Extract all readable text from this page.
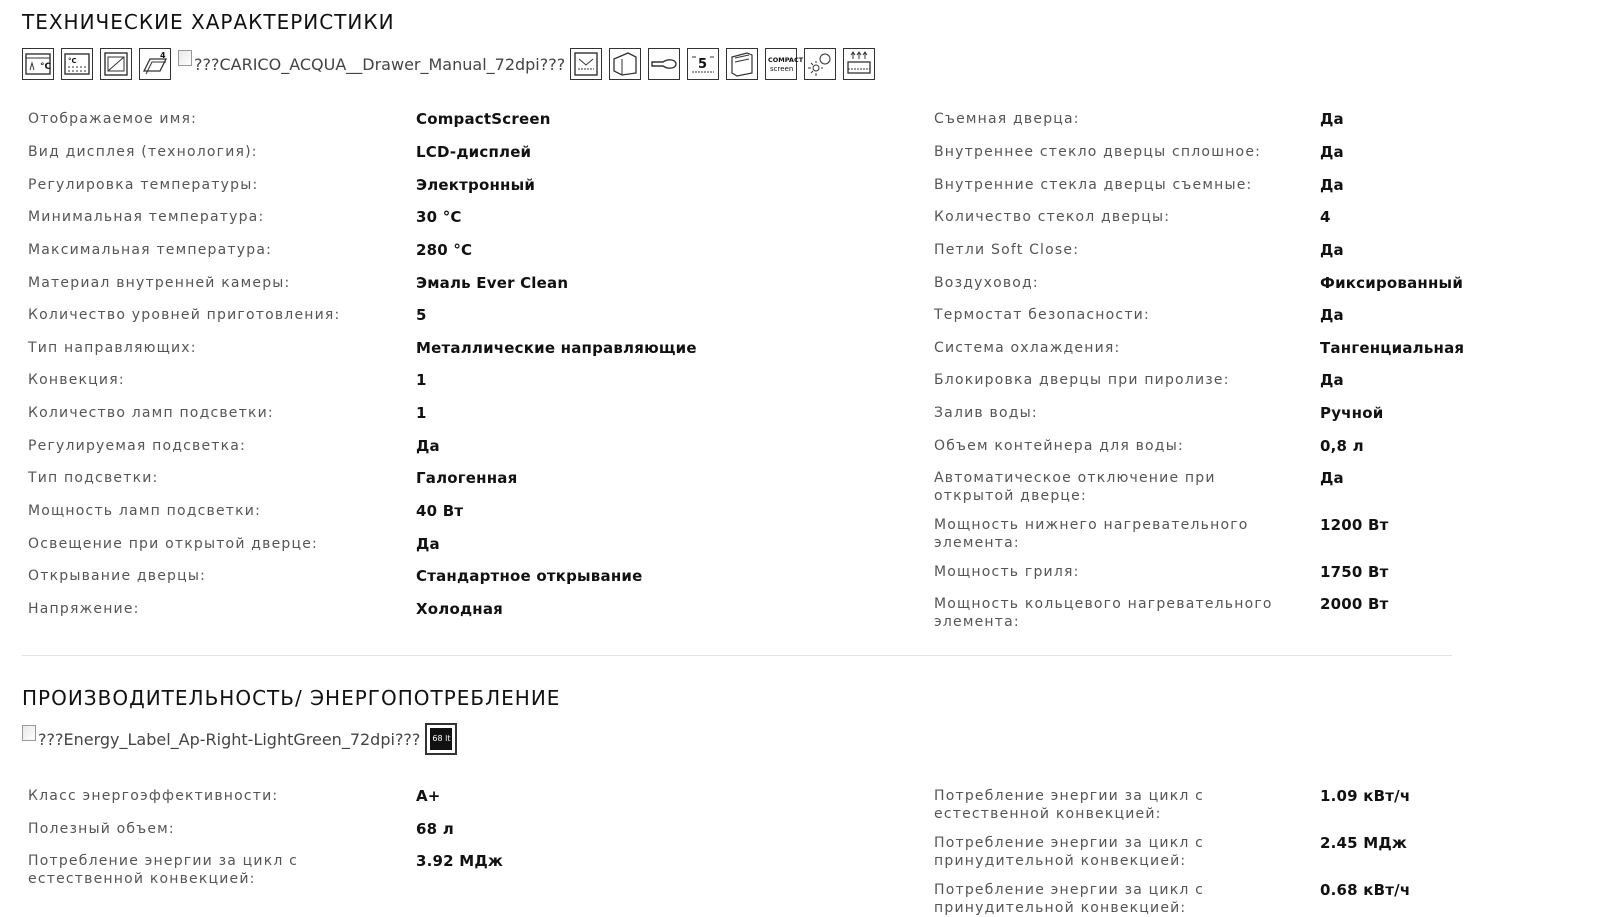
ТЕХНИЧЕСКИЕ ХАРАКТЕРИСТИКИ
°C
°C
4 ???CARICO_ACQUA__Drawer_Manual_72dpi???	5	COMPACT
screen
Отображаемое имя:	CompactScreen
Вид дисплея (технология):	LCD-дисплей
Регулировка температуры:	Электронный
Минимальная температура:	30 °C
Максимальная температура:	280 °C
Материал внутренней камеры:	Эмаль Ever Clean
Количество уровней приготовления:	5
Тип направляющих:	Металлические направляющие
Конвекция:	1
Количество ламп подсветки:	1
Регулируемая подсветка:	Да
Тип подсветки:	Галогенная
Мощность ламп подсветки:	40 Вт
Освещение при открытой дверце:	Да
Открывание дверцы:	Стандартное открывание
Напряжение:	Холодная
Съемная дверца:	Да
Внутреннее стекло дверцы сплошное:	Да
Внутренние стекла дверцы съемные:	Да
Количество стекол дверцы:	4
Петли Soft Close:	Да
Воздуховод:	Фиксированный
Термостат безопасности:	Да
Система охлаждения:	Тангенциальная
Блокировка дверцы при пиролизе:	Да
Залив воды:	Ручной
Объем контейнера для воды:	0,8 л
Автоматическое отключение при открытой дверце:
Да
Мощность нижнего нагревательного элемента:
1200 Вт
Мощность гриля:	1750 Вт
Мощность кольцевого нагревательного элемента:
2000 Вт
ПРОИЗВОДИТЕЛЬНОСТЬ/ ЭНЕРГОПОТРЕБЛЕНИЕ
???Energy_Label_Ap-Right-LightGreen_72dpi??? 68 lt
Класс энергоэффективности:	A+
Полезный объем:	68 л
Потребление энергии за цикл с естественной конвекцией:
3.92 МДж
Потребление энергии за цикл с естественной конвекцией:
1.09 кВт/ч
Потребление энергии за цикл с принудительной конвекцией:
2.45 МДж
Потребление энергии за цикл с принудительной конвекцией:
0.68 кВт/ч
